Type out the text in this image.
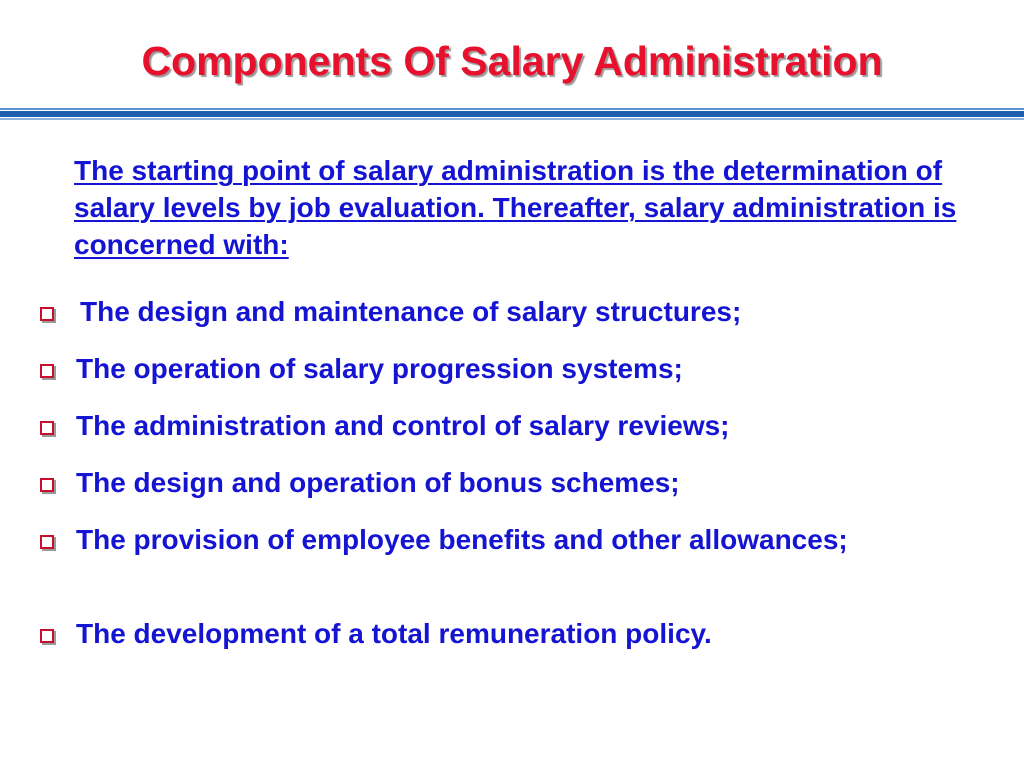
Components Of Salary Administration
The starting point of salary administration is the determination of salary levels by job evaluation. Thereafter, salary administration is concerned with:
The design and maintenance of salary structures;
The operation of salary progression systems;
The administration and control of salary reviews;
The design and operation of bonus schemes;
The provision of employee benefits and other allowances;
The development of a total remuneration policy.
